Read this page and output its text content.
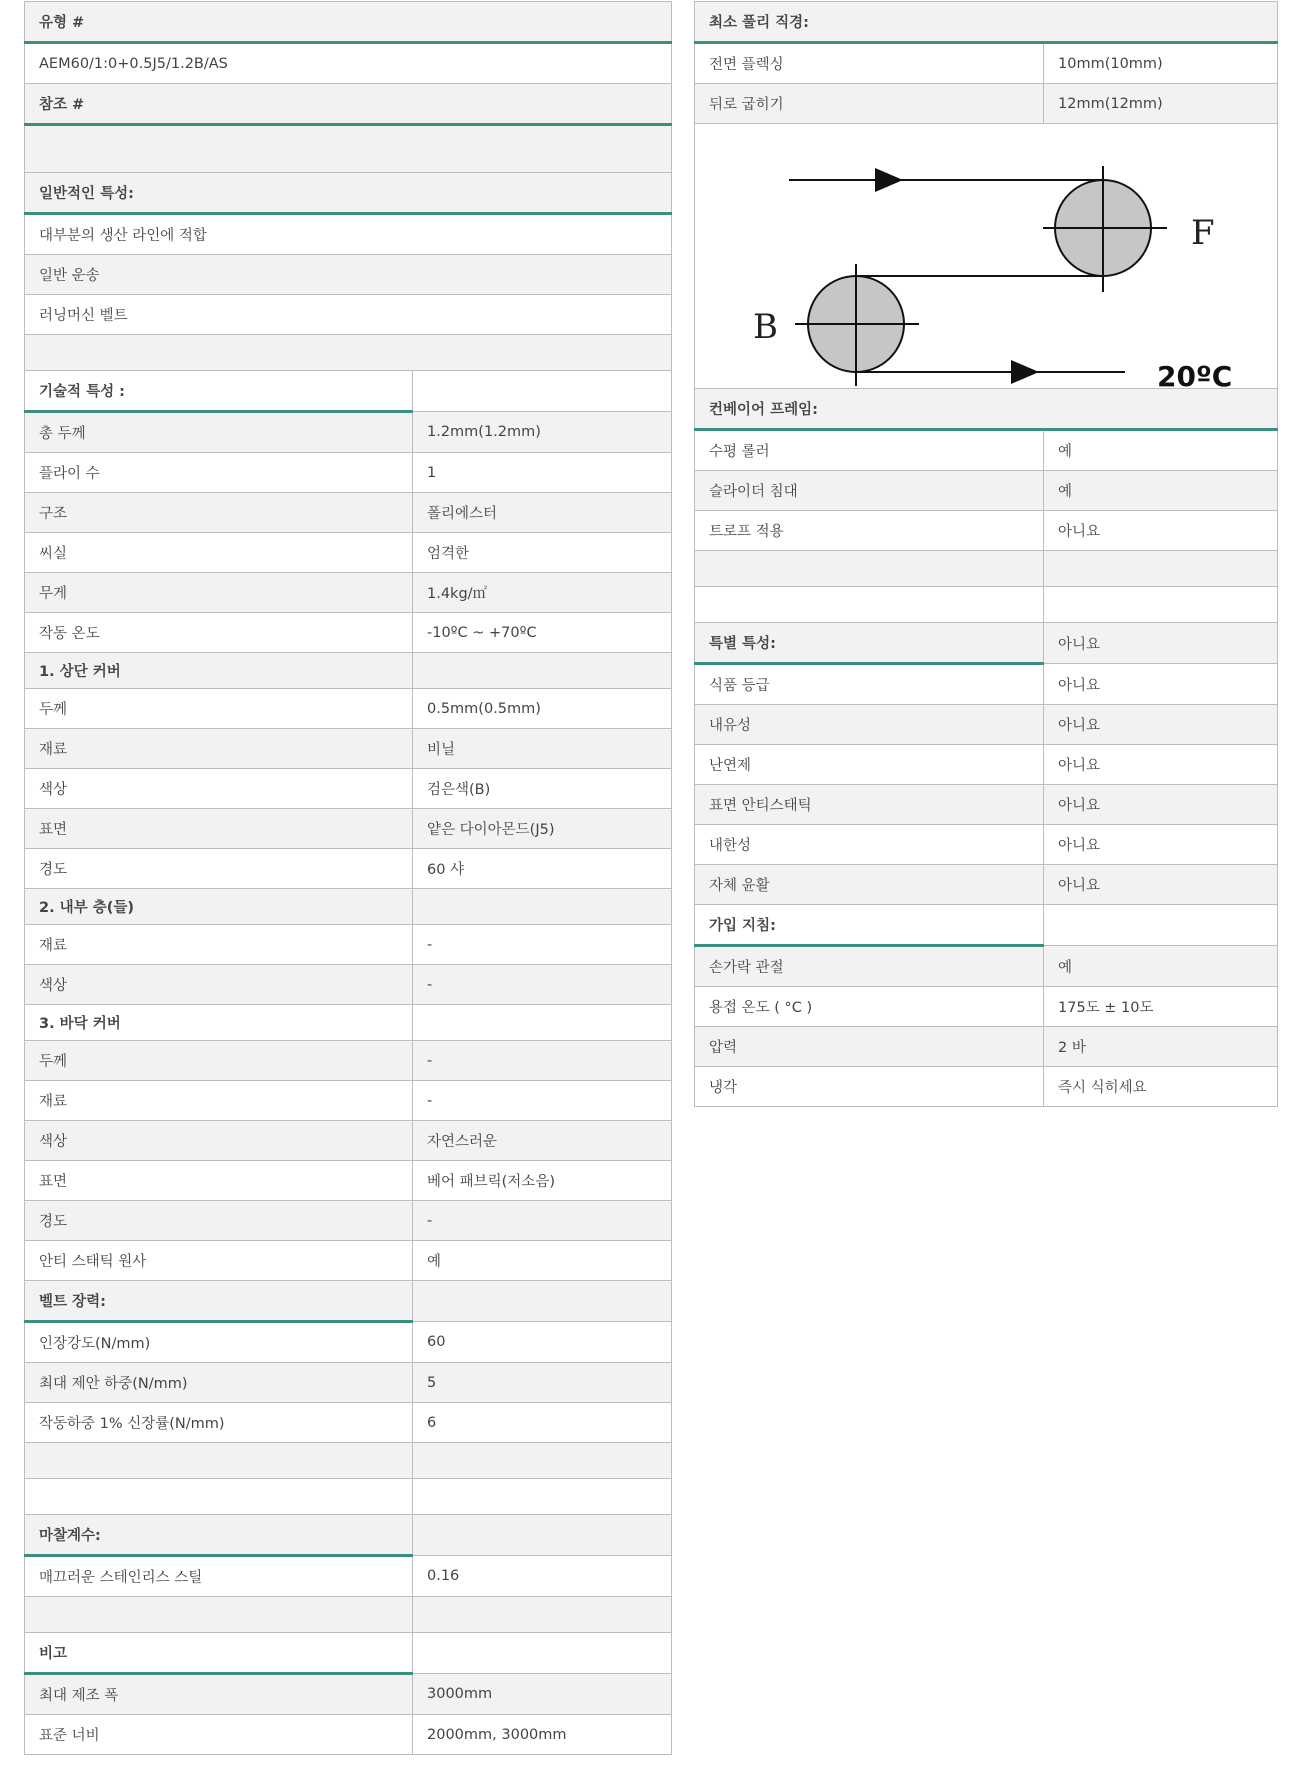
유형 #	
AEM60/1:0+0.5J5/1.2B/AS	
참조 #	

일반적인 특성:	
대부분의 생산 라인에 적합	
일반 운송	
러닝머신 벨트	

기술적 특성 :	
총 두께	1.2mm(1.2mm)
플라이 수	1
구조	폴리에스터
씨실	엄격한
무게	1.4kg/㎡
작동 온도	-10ºC ~ +70ºC
1. 상단 커버	
두께	0.5mm(0.5mm)
재료	비닐
색상	검은색(B)
표면	얕은 다이아몬드(J5)
경도	60 샤
2. 내부 층(들)	
재료	-
색상	-
3. 바닥 커버	
두께	-
재료	-
색상	자연스러운
표면	베어 패브릭(저소음)
경도	-
안티 스태틱 원사	예
벨트 장력:	
인장강도(N/mm)	60
최대 제안 하중(N/mm)	5
작동하중 1% 신장률(N/mm)	6

마찰계수:	
매끄러운 스테인리스 스틸	0.16

비고	
최대 제조 폭	3000mm
표준 너비	2000mm, 3000mm
최소 풀리 직경:	
전면 플렉싱	10mm(10mm)
뒤로 굽히기	12mm(12mm)

F
B
20ºC	

컨베이어 프레임:	
수평 롤러	예
슬라이더 침대	예
트로프 적용	아니요

특별 특성:	아니요
식품 등급	아니요
내유성	아니요
난연제	아니요
표면 안티스태틱	아니요
내한성	아니요
자체 윤활	아니요
가입 지침:	
손가락 관절	예
용접 온도 ( °C )	175도 ± 10도
압력	2 바
냉각	즉시 식히세요
